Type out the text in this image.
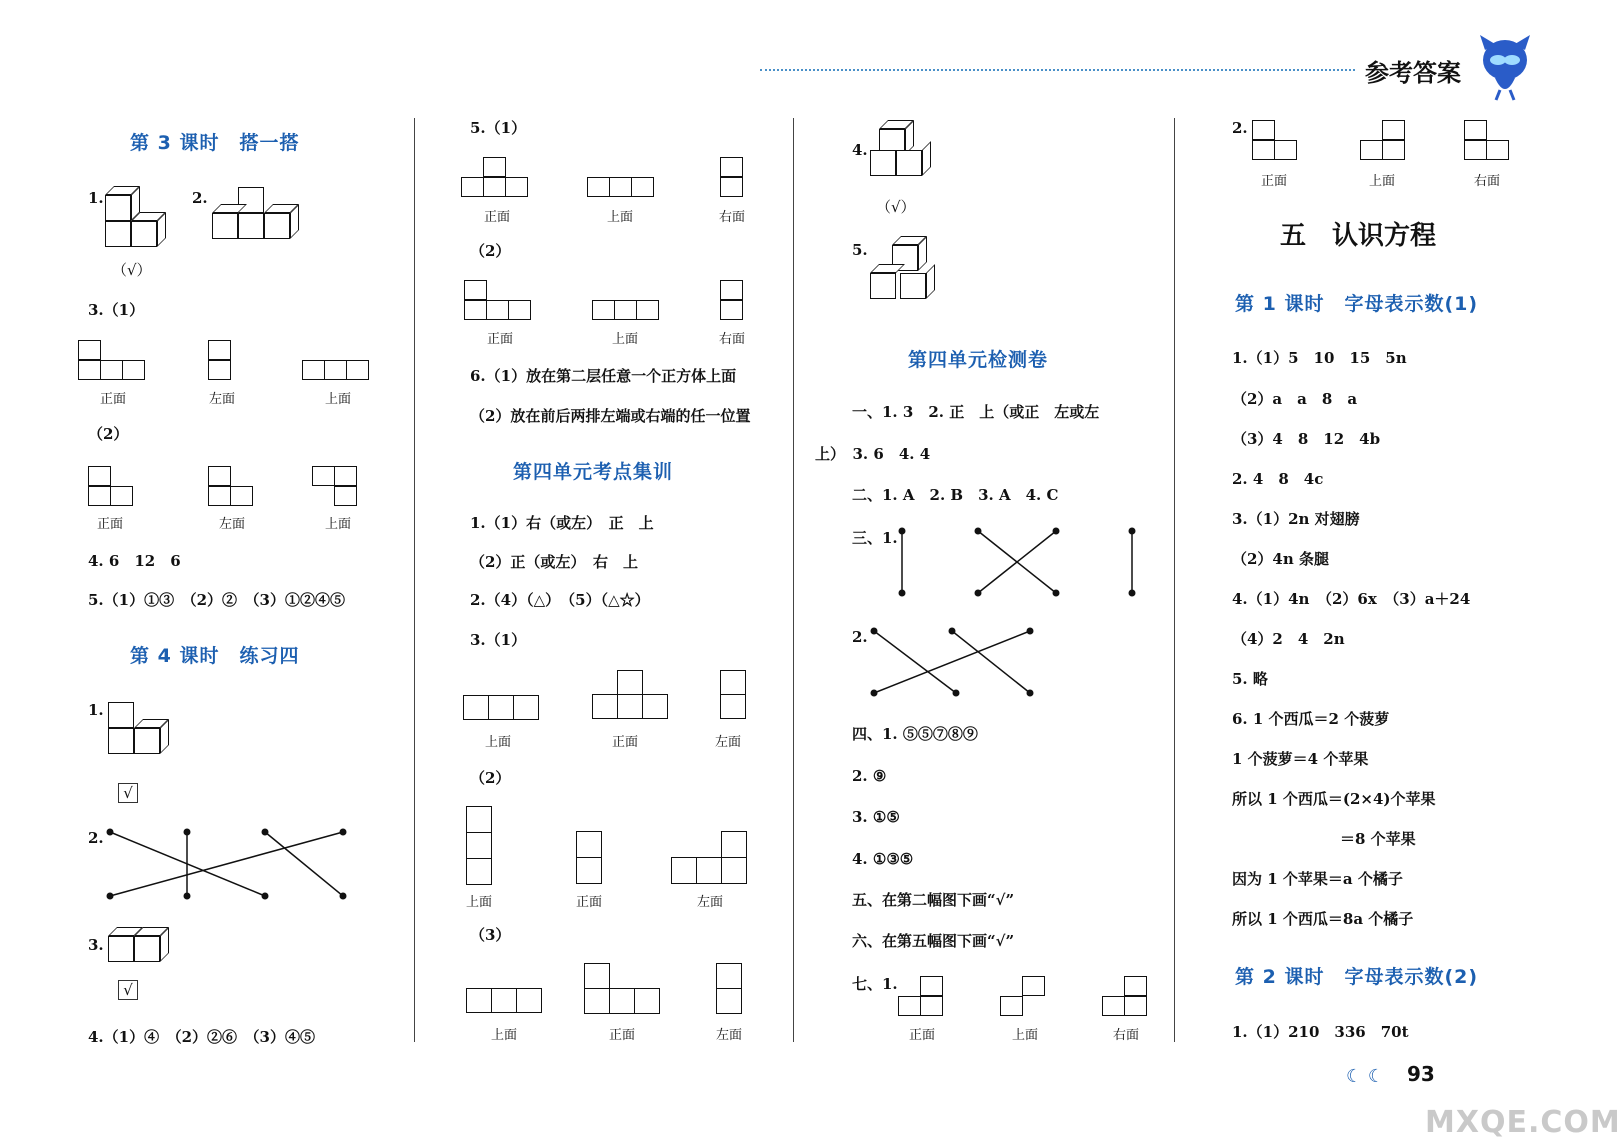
参考答案
第 3 课时　搭一搭
1.	2.
（√）
3.（1）
正面	左面	上面
（2）
正面	左面	上面
4. 6　12　6
5.（1）①③　（2）②　（3）①②④⑤
第 4 课时　练习四
1.
√
2.
3.
√
4.（1）④　（2）②⑥　（3）④⑤
5.（1）
正面	上面	右面
（2）
正面	上面	右面
6.（1）放在第二层任意一个正方体上面
（2）放在前后两排左端或右端的任一位置
第四单元考点集训
1.（1）右（或左）　正　上
（2）正（或左）　右　上
2.（4）（△）　（5）（△☆）
3.（1）
上面	正面	左面
（2）
上面	正面	左面
（3）
上面	正面	左面
4.
（√）
5.
第四单元检测卷
一、1. 3　2. 正　上（或正　左或左
上）　3. 6　4. 4
二、1. A　2. B　3. A　4. C
三、1.
2.
四、1. ⑤⑤⑦⑧⑨
2. ⑨
3. ①⑤
4. ①③⑤
五、在第二幅图下画“√”
六、在第五幅图下画“√”
七、1.
正面	上面	右面
2.
正面	上面	右面
五　认识方程
第 1 课时　字母表示数(1)
1.（1）5　10　15　5n
（2）a　a　8　a
（3）4　8　12　4b
2. 4　8　4c
3.（1）2n 对翅膀
（2）4n 条腿
4.（1）4n　（2）6x　（3）a＋24
（4）2　4　2n
5. 略
6. 1 个西瓜＝2 个菠萝
1 个菠萝＝4 个苹果
所以 1 个西瓜＝(2×4)个苹果
＝8 个苹果
因为 1 个苹果＝a 个橘子
所以 1 个西瓜＝8a 个橘子
第 2 课时　字母表示数(2)
1.（1）210　336　70t
☾ ☾ 93
MXQE.COM
